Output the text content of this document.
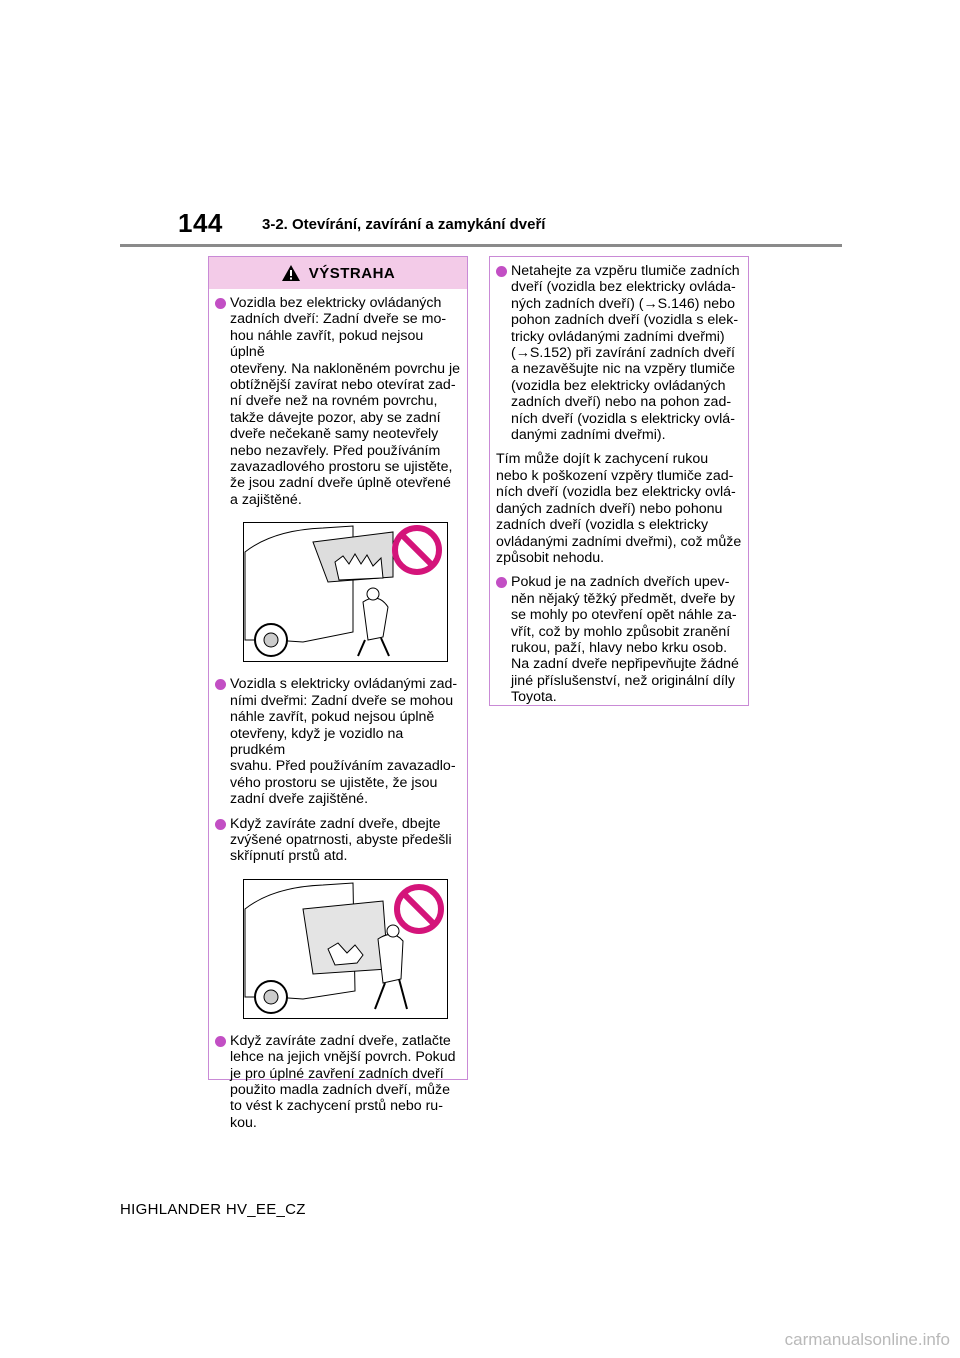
144	3-2. Otevírání, zavírání a zamykání dveří
VÝSTRAHA
Vozidla bez elektricky ovládaných
zadních dveří: Zadní dveře se mo-
hou náhle zavřít, pokud nejsou úplně
otevřeny. Na nakloněném povrchu je
obtížnější zavírat nebo otevírat zad-
ní dveře než na rovném povrchu,
takže dávejte pozor, aby se zadní
dveře nečekaně samy neotevřely
nebo nezavřely. Před používáním
zavazadlového prostoru se ujistěte,
že jsou zadní dveře úplně otevřené
a zajištěné.
Vozidla s elektricky ovládanými zad-
ními dveřmi: Zadní dveře se mohou
náhle zavřít, pokud nejsou úplně
otevřeny, když je vozidlo na prudkém
svahu. Před používáním zavazadlo-
vého prostoru se ujistěte, že jsou
zadní dveře zajištěné.
Když zavíráte zadní dveře, dbejte
zvýšené opatrnosti, abyste předešli
skřípnutí prstů atd.
Když zavíráte zadní dveře, zatlačte
lehce na jejich vnější povrch. Pokud
je pro úplné zavření zadních dveří
použito madla zadních dveří, může
to vést k zachycení prstů nebo ru-
kou.
Netahejte za vzpěru tlumiče zadních
dveří (vozidla bez elektricky ovláda-
ných zadních dveří) (→S.146) nebo
pohon zadních dveří (vozidla s elek-
tricky ovládanými zadními dveřmi)
(→S.152) při zavírání zadních dveří
a nezavěšujte nic na vzpěry tlumiče
(vozidla bez elektricky ovládaných
zadních dveří) nebo na pohon zad-
ních dveří (vozidla s elektricky ovlá-
danými zadními dveřmi).
Tím může dojít k zachycení rukou
nebo k poškození vzpěry tlumiče zad-
ních dveří (vozidla bez elektricky ovlá-
daných zadních dveří) nebo pohonu
zadních dveří (vozidla s elektricky
ovládanými zadními dveřmi), což může
způsobit nehodu.
Pokud je na zadních dveřích upev-
něn nějaký těžký předmět, dveře by
se mohly po otevření opět náhle za-
vřít, což by mohlo způsobit zranění
rukou, paží, hlavy nebo krku osob.
Na zadní dveře nepřipevňujte žádné
jiné příslušenství, než originální díly
Toyota.
HIGHLANDER HV_EE_CZ
carmanualsonline.info
